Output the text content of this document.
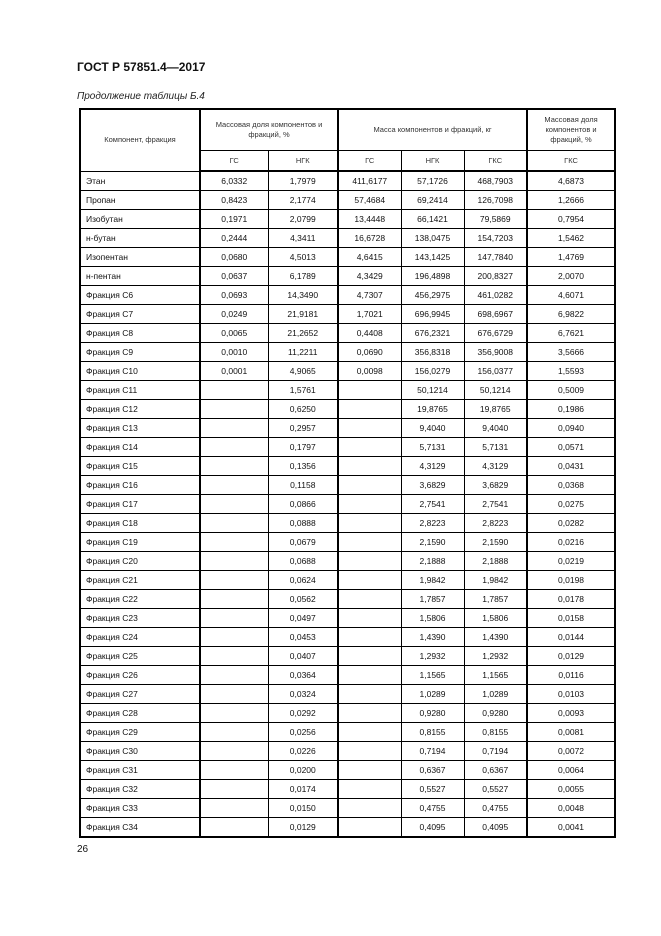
ГОСТ Р 57851.4—2017
Продолжение таблицы Б.4
Компонент, фракция	Массовая доля компонентов и фракций, %		Масса компонентов и фракций, кг			Массовая доля компонентов и фракций, %
	ГС	НГК	ГС	НГК	ГКС	ГКС
Этан	6,0332	1,7979	411,6177	57,1726	468,7903	4,6873
Пропан	0,8423	2,1774	57,4684	69,2414	126,7098	1,2666
Изобутан	0,1971	2,0799	13,4448	66,1421	79,5869	0,7954
н-бутан	0,2444	4,3411	16,6728	138,0475	154,7203	1,5462
Изопентан	0,0680	4,5013	4,6415	143,1425	147,7840	1,4769
н-пентан	0,0637	6,1789	4,3429	196,4898	200,8327	2,0070
Фракция С6	0,0693	14,3490	4,7307	456,2975	461,0282	4,6071
Фракция С7	0,0249	21,9181	1,7021	696,9945	698,6967	6,9822
Фракция С8	0,0065	21,2652	0,4408	676,2321	676,6729	6,7621
Фракция С9	0,0010	11,2211	0,0690	356,8318	356,9008	3,5666
Фракция С10	0,0001	4,9065	0,0098	156,0279	156,0377	1,5593
Фракция С11		1,5761		50,1214	50,1214	0,5009
Фракция С12		0,6250		19,8765	19,8765	0,1986
Фракция С13		0,2957		9,4040	9,4040	0,0940
Фракция С14		0,1797		5,7131	5,7131	0,0571
Фракция С15		0,1356		4,3129	4,3129	0,0431
Фракция С16		0,1158		3,6829	3,6829	0,0368
Фракция С17		0,0866		2,7541	2,7541	0,0275
Фракция С18		0,0888		2,8223	2,8223	0,0282
Фракция С19		0,0679		2,1590	2,1590	0,0216
Фракция С20		0,0688		2,1888	2,1888	0,0219
Фракция С21		0,0624		1,9842	1,9842	0,0198
Фракция С22		0,0562		1,7857	1,7857	0,0178
Фракция С23		0,0497		1,5806	1,5806	0,0158
Фракция С24		0,0453		1,4390	1,4390	0,0144
Фракция С25		0,0407		1,2932	1,2932	0,0129
Фракция С26		0,0364		1,1565	1,1565	0,0116
Фракция С27		0,0324		1,0289	1,0289	0,0103
Фракция С28		0,0292		0,9280	0,9280	0,0093
Фракция С29		0,0256		0,8155	0,8155	0,0081
Фракция С30		0,0226		0,7194	0,7194	0,0072
Фракция С31		0,0200		0,6367	0,6367	0,0064
Фракция С32		0,0174		0,5527	0,5527	0,0055
Фракция С33		0,0150		0,4755	0,4755	0,0048
Фракция С34		0,0129		0,4095	0,4095	0,0041
26
